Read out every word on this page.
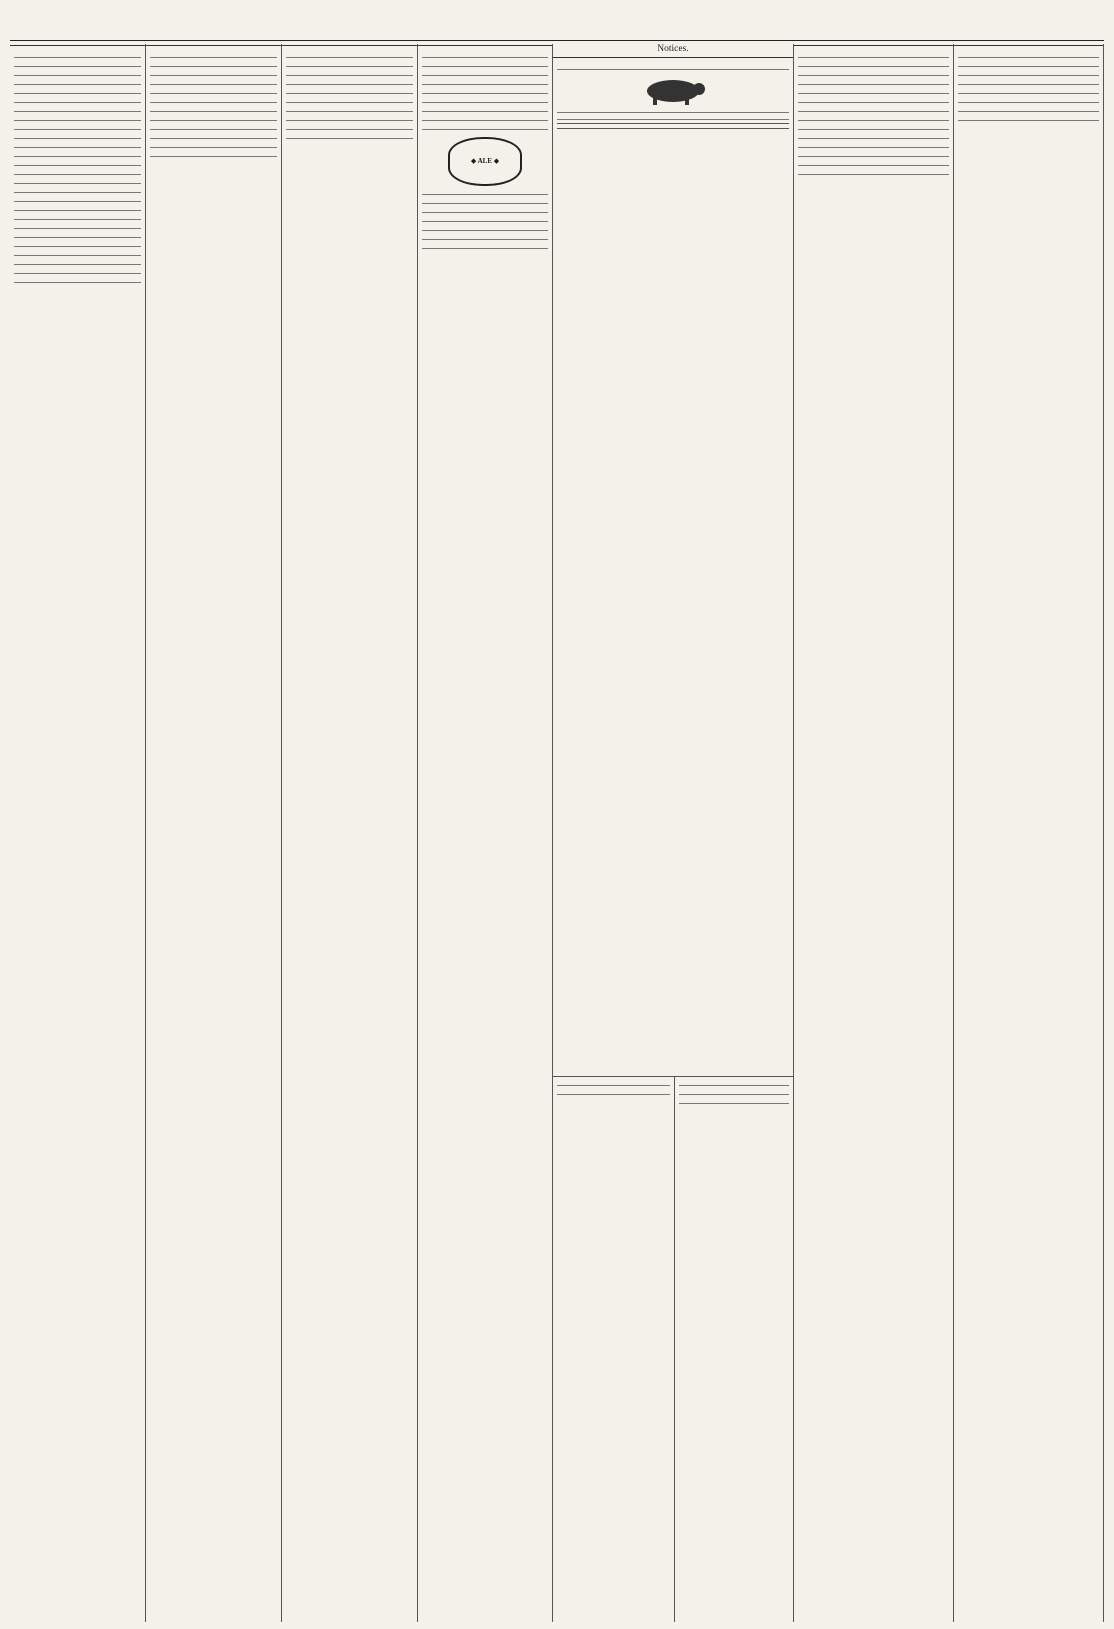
◆ ALE ◆

Notices.
